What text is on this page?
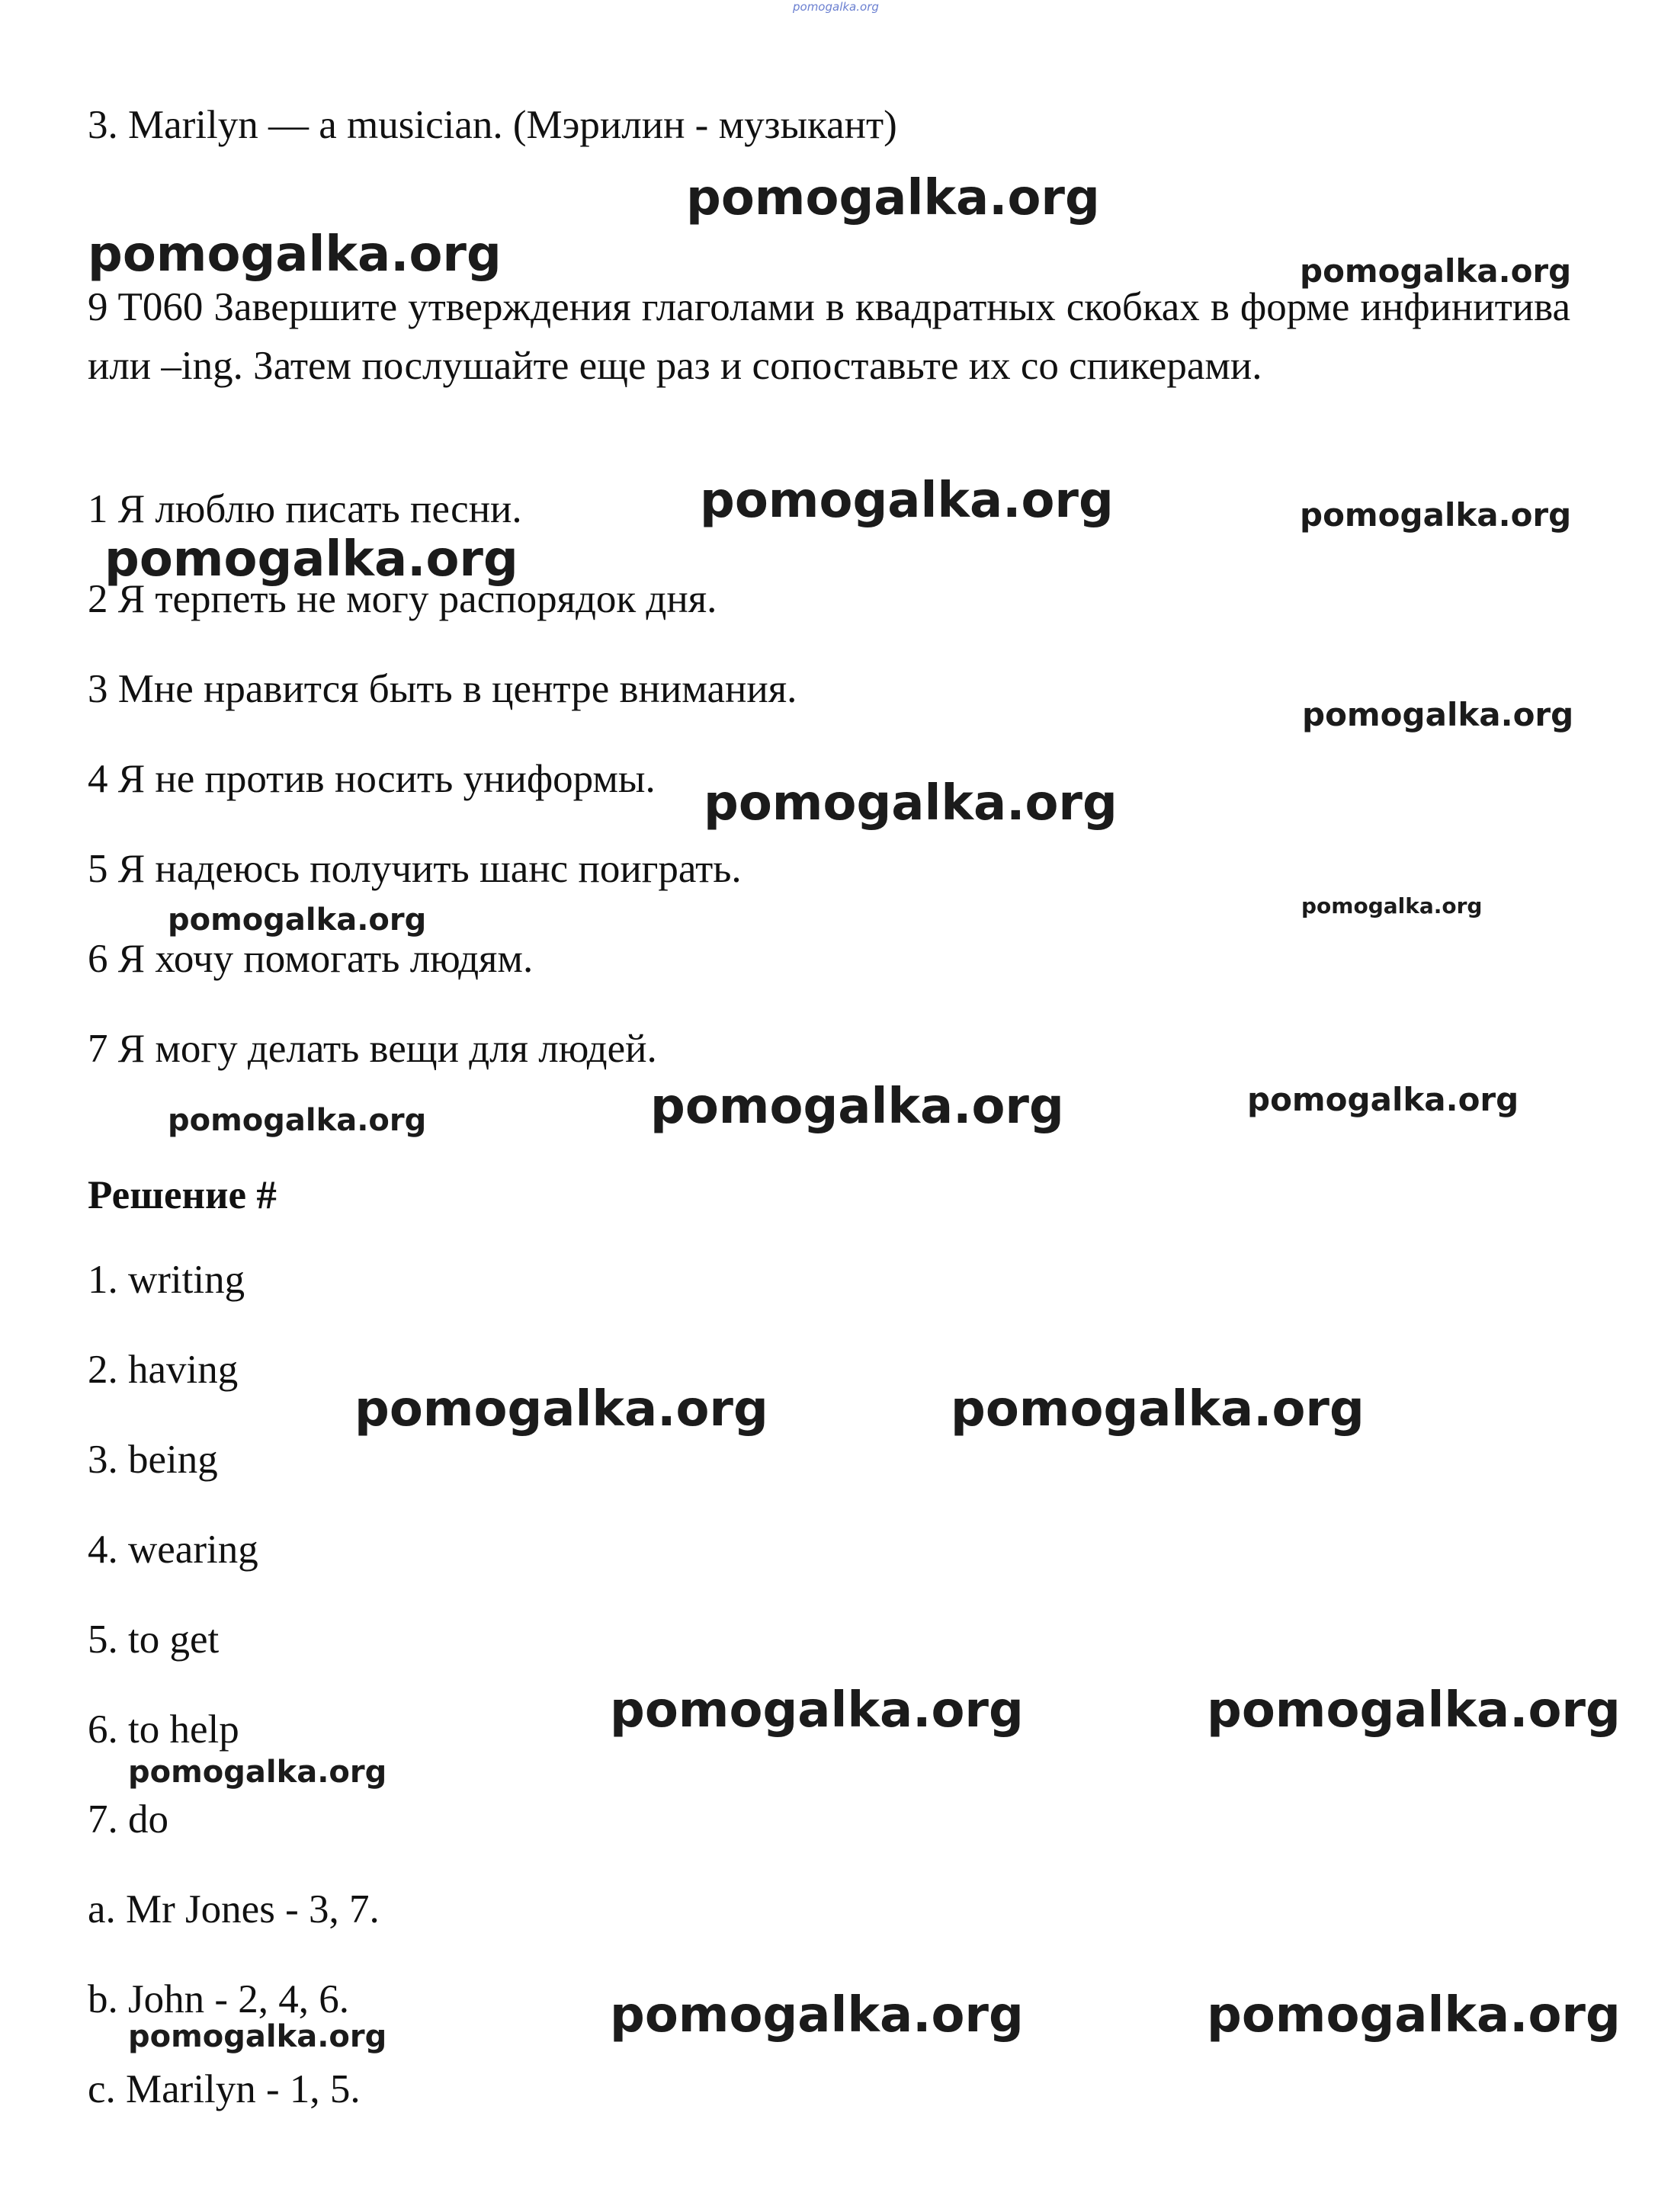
pomogalka.org

3. Marilyn — a musician. (Мэрилин - музыкант)

9 T060 Завершите утверждения глаголами в квадратных скобках в форме инфинитива или –ing. Затем послушайте еще раз и сопоставьте их со спикерами.

1 Я люблю писать песни.

2 Я терпеть не могу распорядок дня.

3 Мне нравится быть в центре внимания.

4 Я не против носить униформы.

5 Я надеюсь получить шанс поиграть.

6 Я хочу помогать людям.

7 Я могу делать вещи для людей.

Решение #

1. writing

2. having

3. being

4. wearing

5. to get

6. to help

7. do

a. Mr Jones - 3, 7.

b. John - 2, 4, 6.

c. Marilyn - 1, 5.

pomogalka.org
pomogalka.org	pomogalka.org
pomogalka.org	pomogalka.org
pomogalka.org
pomogalka.org
pomogalka.org
pomogalka.org	pomogalka.org
pomogalka.org	pomogalka.org	pomogalka.org
pomogalka.org	pomogalka.org
pomogalka.org	pomogalka.org
pomogalka.org
pomogalka.org	pomogalka.org
pomogalka.org
